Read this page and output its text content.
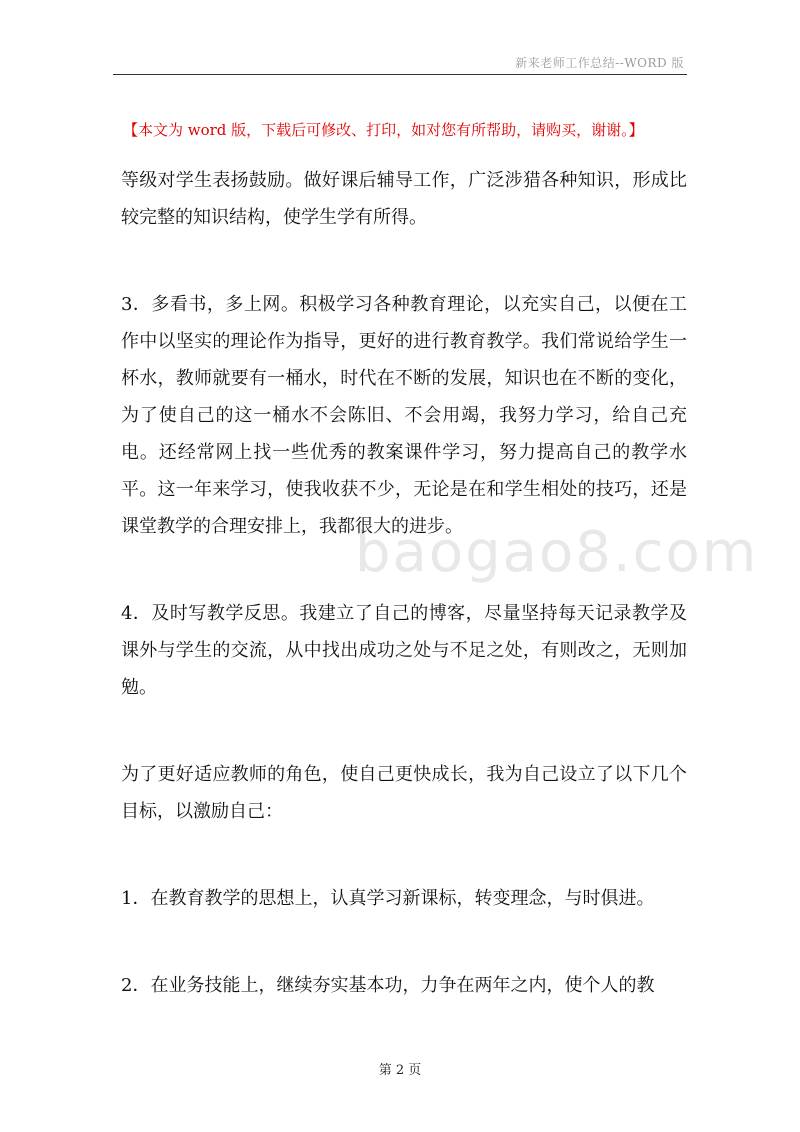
新来老师工作总结--WORD 版
【本文为 word 版，下载后可修改、打印，如对您有所帮助，请购买，谢谢。】
baogao8.com

等级对学生表扬鼓励。做好课后辅导工作，广泛涉猎各种知识，形成比较完整的知识结构，使学生学有所得。

3．多看书，多上网。积极学习各种教育理论，以充实自己，以便在工作中以坚实的理论作为指导，更好的进行教育教学。我们常说给学生一杯水，教师就要有一桶水，时代在不断的发展，知识也在不断的变化，为了使自己的这一桶水不会陈旧、不会用竭，我努力学习，给自己充电。还经常网上找一些优秀的教案课件学习，努力提高自己的教学水平。这一年来学习，使我收获不少，无论是在和学生相处的技巧，还是课堂教学的合理安排上，我都很大的进步。

4．及时写教学反思。我建立了自己的博客，尽量坚持每天记录教学及课外与学生的交流，从中找出成功之处与不足之处，有则改之，无则加勉。

为了更好适应教师的角色，使自己更快成长，我为自己设立了以下几个目标，以激励自己：

1．在教育教学的思想上，认真学习新课标，转变理念，与时俱进。

2．在业务技能上，继续夯实基本功，力争在两年之内，使个人的教

第 2 页
